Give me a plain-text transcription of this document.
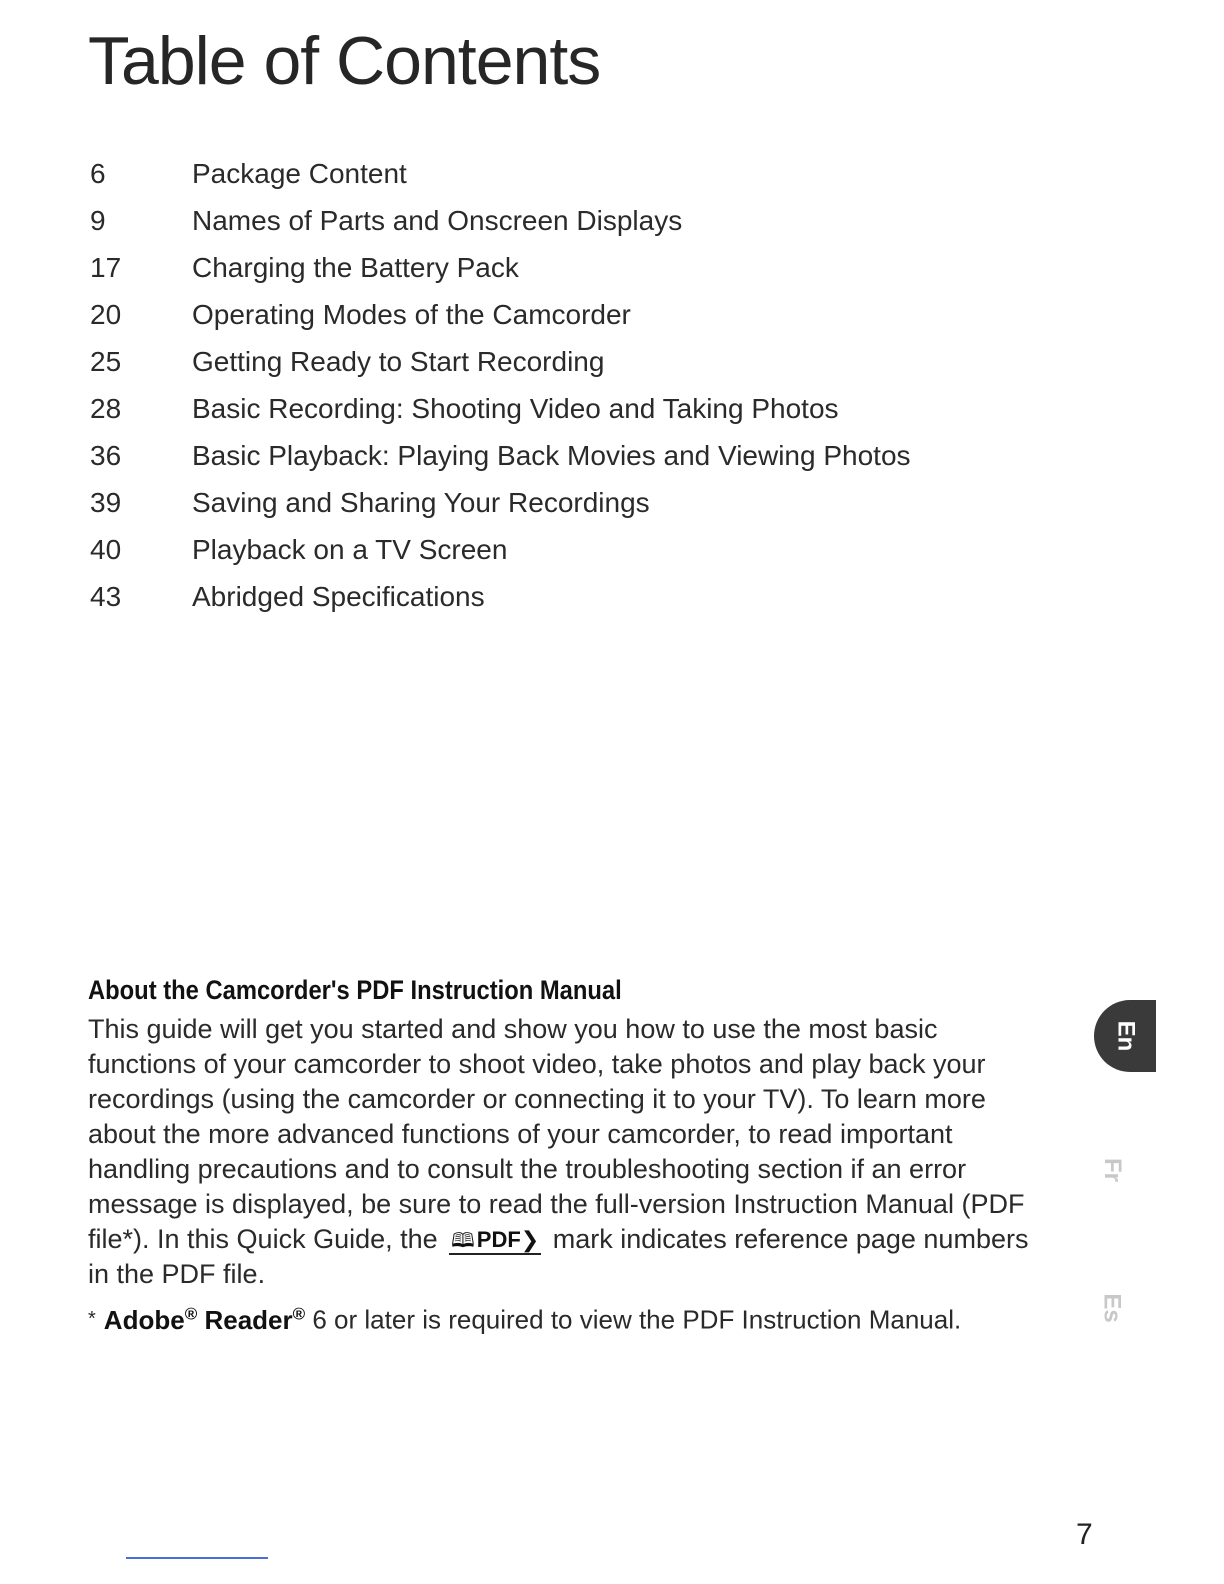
Table of Contents
6	Package Content
9	Names of Parts and Onscreen Displays
17	Charging the Battery Pack
20	Operating Modes of the Camcorder
25	Getting Ready to Start Recording
28	Basic Recording: Shooting Video and Taking Photos
36	Basic Playback: Playing Back Movies and Viewing Photos
39	Saving and Sharing Your Recordings
40	Playback on a TV Screen
43	Abridged Specifications
About the Camcorder's PDF Instruction Manual

This guide will get you started and show you how to use the most basic functions of your camcorder to shoot video, take photos and play back your recordings (using the camcorder or connecting it to your TV). To learn more about the more advanced functions of your camcorder, to read important handling precautions and to consult the troubleshooting section if an error message is displayed, be sure to read the full-version Instruction Manual (PDF file*). In this Quick Guide, the 🕮︎PDF❯ mark indicates reference page numbers in the PDF file.

* Adobe® Reader® 6 or later is required to view the PDF Instruction Manual.
En
Fr
Es
7
